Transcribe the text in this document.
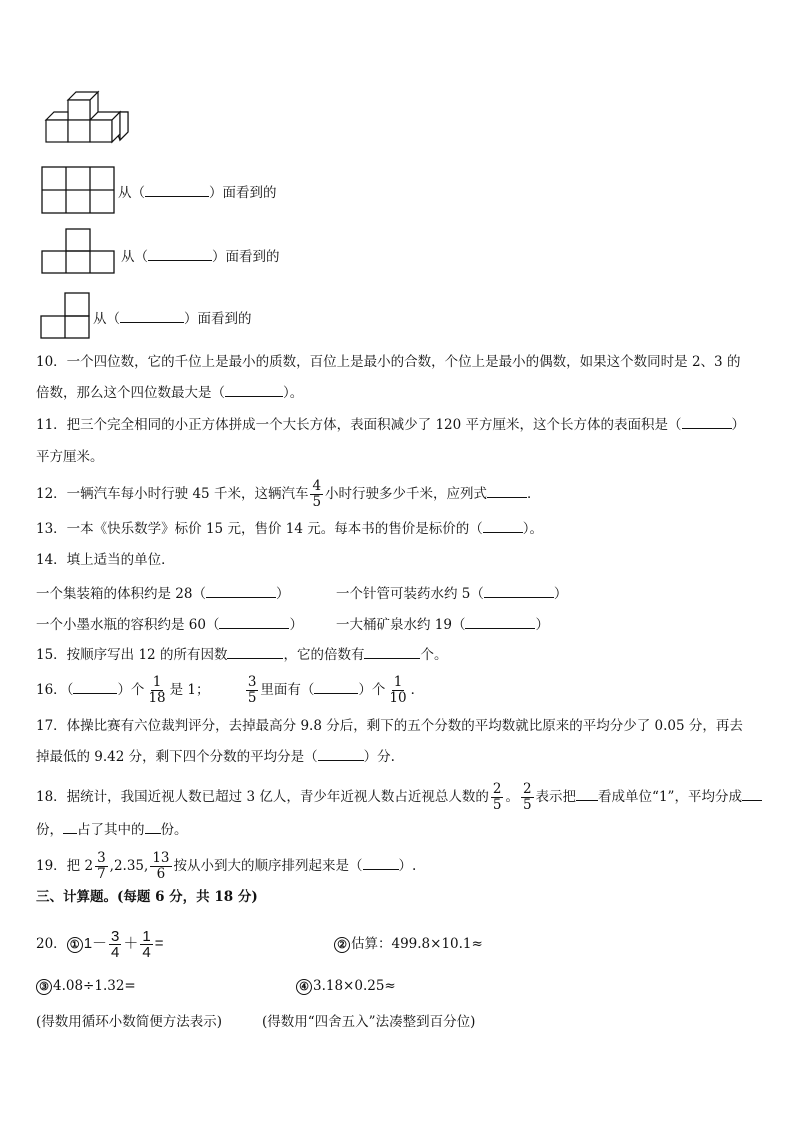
从（	）面看到的
从（	）面看到的
从（	）面看到的
10．一个四位数，它的千位上是最小的质数，百位上是最小的合数，个位上是最小的偶数，如果这个数同时是 2、3 的
倍数，那么这个四位数最大是（	）。
11．把三个完全相同的小正方体拼成一个大长方体，表面积减少了 120 平方厘米，这个长方体的表面积是（	）
平方厘米。
12．一辆汽车每小时行驶 45 千米，这辆汽车 $\frac{4}{5}$ 小时行驶多少千米，应列式	．
13．一本《快乐数学》标价 15 元，售价 14 元。每本书的售价是标价的（	）。
14．填上适当的单位．
一个集装箱的体积约是 28（	）	一个针管可装药水约 5（	）
一个小墨水瓶的容积约是 60（	） 一大桶矿泉水约 19（	）
15．按顺序写出 12 的所有因数	，它的倍数有	个。
16．（	）个 $\frac{1}{18}$ 是 1；	$\frac{3}{5}$ 里面有（	）个 $\frac{1}{10}$ ．
17．体操比赛有六位裁判评分，去掉最高分 9.8 分后，剩下的五个分数的平均数就比原来的平均分少了 0.05 分，再去
掉最低的 9.42 分，剩下四个分数的平均分是（	）分.
18．据统计，我国近视人数已超过 3 亿人，青少年近视人数占近视总人数的 $\frac{2}{5}$ 。 $\frac{2}{5}$ 表示把 看成单位“1”，平均分成
份， 占了其中的 份。
19．把 $2 \frac{3}{7} ,2.35$, $\frac{13}{6}$ 按从小到大的顺序排列起来是（	）.
三、计算题。(每题 6 分，共 18 分)
20． ① $1- \frac{3}{4} + \frac{1}{4}$ =	② 估算：499.8×10.1≈
③ 4.08÷1.32=	④ 3.18×0.25≈
(得数用循环小数简便方法表示)	(得数用“四舍五入”法凑整到百分位)
